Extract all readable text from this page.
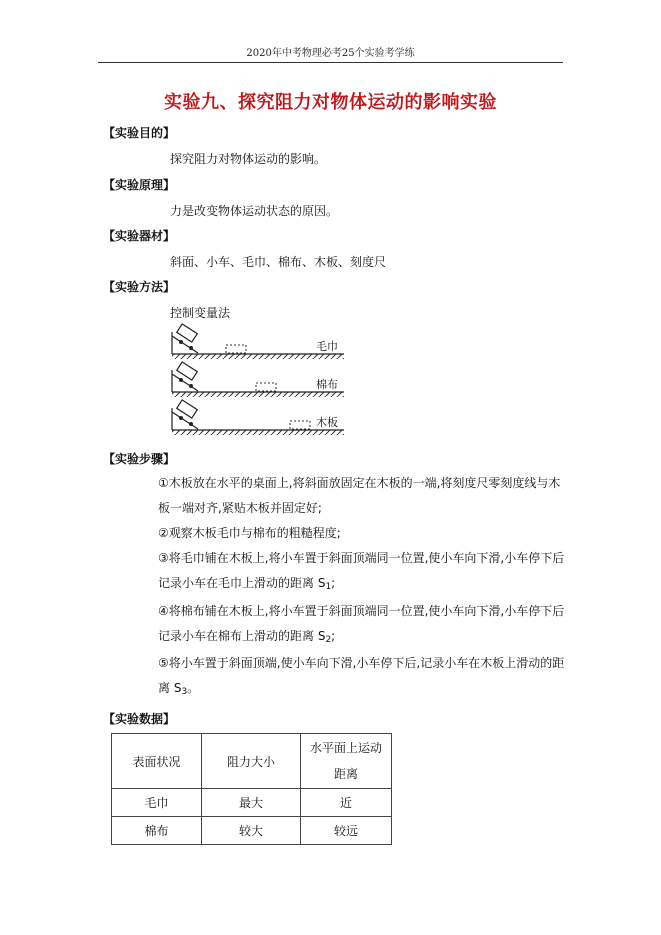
2020年中考物理必考25个实验考学练
实验九、探究阻力对物体运动的影响实验
【实验目的】
探究阻力对物体运动的影响。
【实验原理】
力是改变物体运动状态的原因。
【实验器材】
斜面、小车、毛巾、棉布、木板、刻度尺
【实验方法】
控制变量法
毛巾
棉布
木板
【实验步骤】
①木板放在水平的桌面上,将斜面放固定在木板的一端,将刻度尺零刻度线与木板一端对齐,紧贴木板并固定好;
②观察木板毛巾与棉布的粗糙程度;
③将毛巾铺在木板上,将小车置于斜面顶端同一位置,使小车向下滑,小车停下后记录小车在毛巾上滑动的距离 $S_1$;
④将棉布铺在木板上,将小车置于斜面顶端同一位置,使小车向下滑,小车停下后记录小车在棉布上滑动的距离 $S_2$;
⑤将小车置于斜面顶端,使小车向下滑,小车停下后,记录小车在木板上滑动的距离 $S_3$。
【实验数据】
表面状况	阻力大小	水平面上运动
距离
毛巾	最大	近
棉布	较大	较远
